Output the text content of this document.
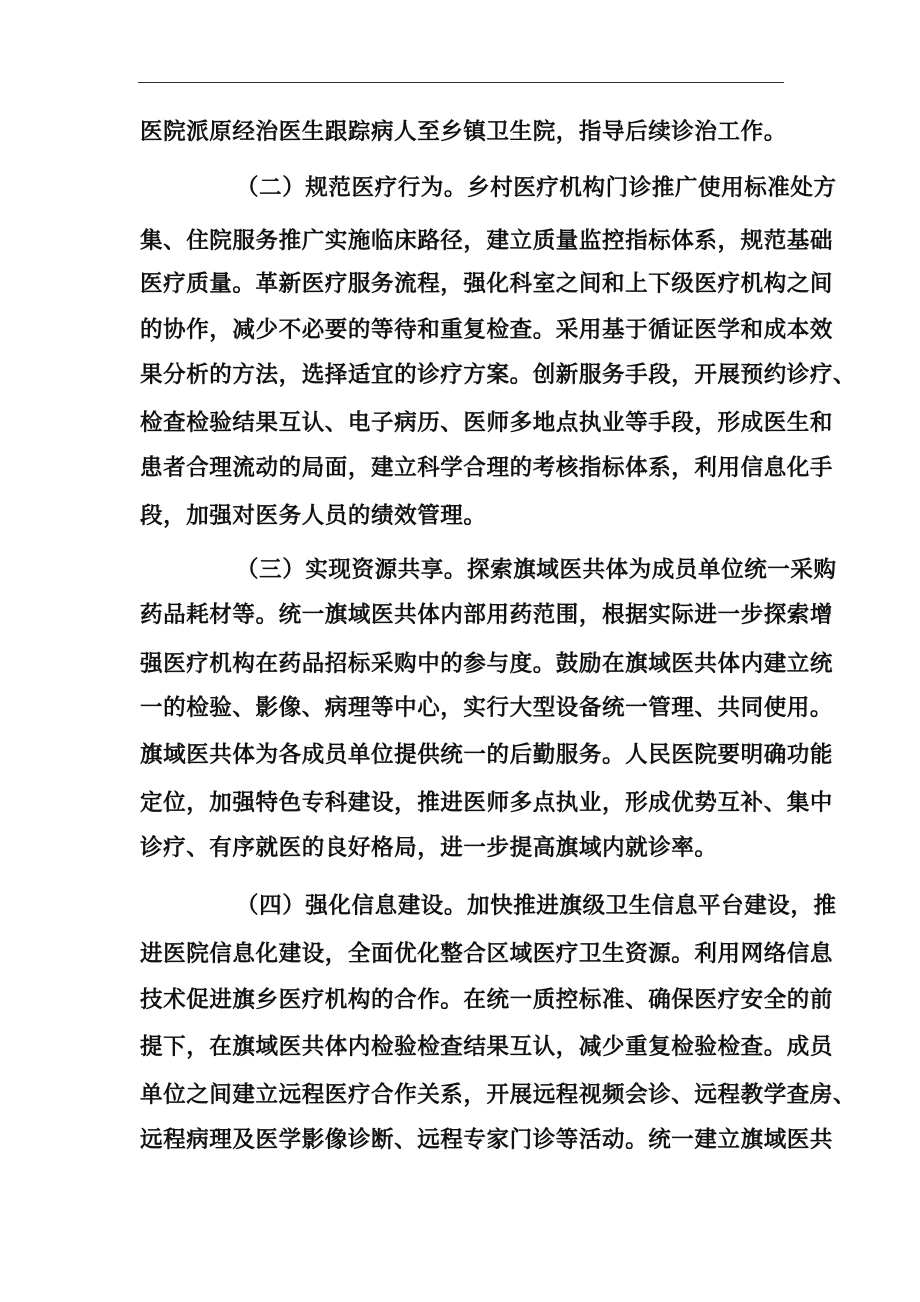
医院派原经治医生跟踪病人至乡镇卫生院，指导后续诊治工作。
（二）规范医疗行为。乡村医疗机构门诊推广使用标准处方
集、住院服务推广实施临床路径，建立质量监控指标体系，规范基础
医疗质量。革新医疗服务流程，强化科室之间和上下级医疗机构之间
的协作，减少不必要的等待和重复检查。采用基于循证医学和成本效
果分析的方法，选择适宜的诊疗方案。创新服务手段，开展预约诊疗、
检查检验结果互认、电子病历、医师多地点执业等手段，形成医生和
患者合理流动的局面，建立科学合理的考核指标体系，利用信息化手
段，加强对医务人员的绩效管理。
（三）实现资源共享。探索旗域医共体为成员单位统一采购
药品耗材等。统一旗域医共体内部用药范围，根据实际进一步探索增
强医疗机构在药品招标采购中的参与度。鼓励在旗域医共体内建立统
一的检验、影像、病理等中心，实行大型设备统一管理、共同使用。
旗域医共体为各成员单位提供统一的后勤服务。人民医院要明确功能
定位，加强特色专科建设，推进医师多点执业，形成优势互补、集中
诊疗、有序就医的良好格局，进一步提高旗域内就诊率。
（四）强化信息建设。加快推进旗级卫生信息平台建设，推
进医院信息化建设，全面优化整合区域医疗卫生资源。利用网络信息
技术促进旗乡医疗机构的合作。在统一质控标准、确保医疗安全的前
提下，在旗域医共体内检验检查结果互认，减少重复检验检查。成员
单位之间建立远程医疗合作关系，开展远程视频会诊、远程教学查房、
远程病理及医学影像诊断、远程专家门诊等活动。统一建立旗域医共
